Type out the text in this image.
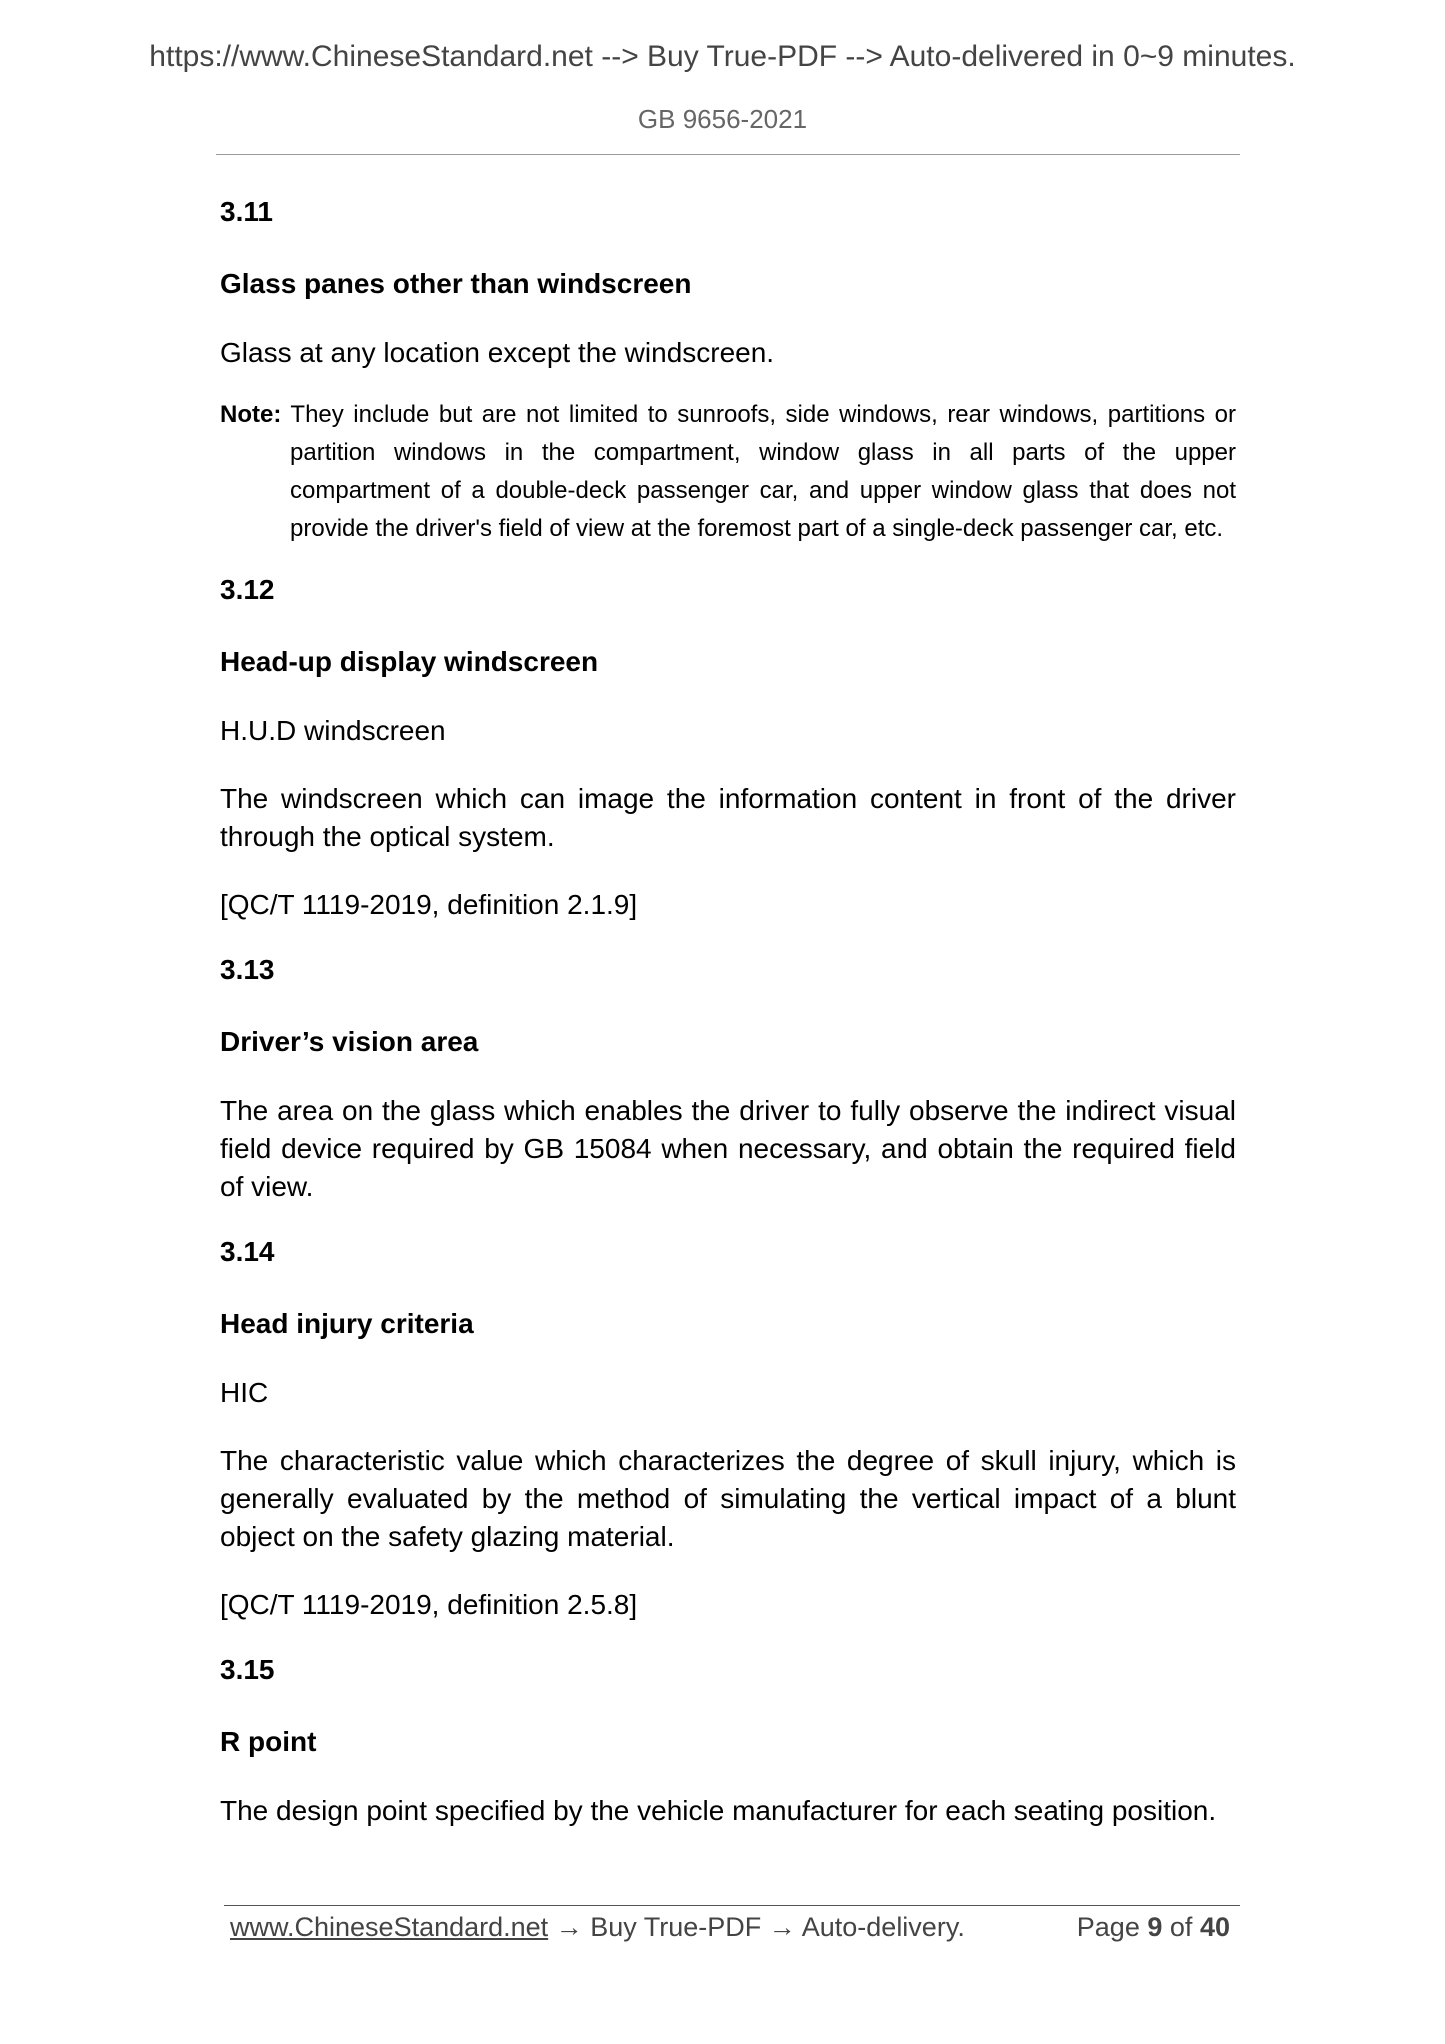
https://www.ChineseStandard.net --> Buy True-PDF --> Auto-delivered in 0~9 minutes.
GB 9656-2021
3.11
Glass panes other than windscreen

Glass at any location except the windscreen.

Note: They include but are not limited to sunroofs, side windows, rear windows, partitions or partition windows in the compartment, window glass in all parts of the upper compartment of a double-deck passenger car, and upper window glass that does not provide the driver's field of view at the foremost part of a single-deck passenger car, etc.

3.12
Head-up display windscreen

H.U.D windscreen

The windscreen which can image the information content in front of the driver through the optical system.

[QC/T 1119-2019, definition 2.1.9]

3.13
Driver’s vision area

The area on the glass which enables the driver to fully observe the indirect visual field device required by GB 15084 when necessary, and obtain the required field of view.

3.14
Head injury criteria

HIC

The characteristic value which characterizes the degree of skull injury, which is generally evaluated by the method of simulating the vertical impact of a blunt object on the safety glazing material.

[QC/T 1119-2019, definition 2.5.8]

3.15
R point

The design point specified by the vehicle manufacturer for each seating position.

www.ChineseStandard.net → Buy True-PDF → Auto-delivery.	Page 9 of 40
